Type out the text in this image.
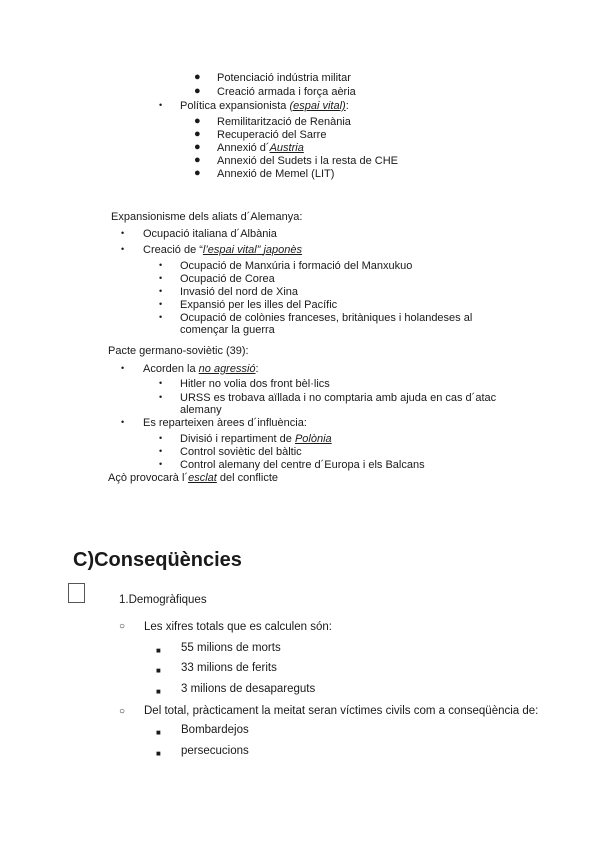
● Potenciació indústria militar
● Creació armada i força aèria
• Política expansionista (espai vital):
● Remilitarització de Renània
● Recuperació del Sarre
● Annexió d´Austria
● Annexió del Sudets i la resta de CHE
● Annexió de Memel (LIT)
Expansionisme dels aliats d´Alemanya:
• Ocupació italiana d´Albània
• Creació de “l’espai vital” japonès
• Ocupació de Manxúria i formació del Manxukuo
• Ocupació de Corea
• Invasió del nord de Xina
• Expansió per les illes del Pacífic
• Ocupació de colònies franceses, britàniques i holandeses al
començar la guerra
Pacte germano-soviètic (39):
• Acorden la no agressió:
• Hitler no volia dos front bèl·lics
• URSS es trobava aïllada i no comptaria amb ajuda en cas d´atac
alemany
• Es reparteixen àrees d´influència:
• Divisió i repartiment de Polònia
• Control soviètic del bàltic
• Control alemany del centre d´Europa i els Balcans
Açò provocarà l´esclat del conflicte
C)Conseqüències
1.Demogràfiques
○ Les xifres totals que es calculen són:
■ 55 milions de morts
■ 33 milions de ferits
■ 3 milions de desapareguts
○ Del total, pràcticament la meitat seran víctimes civils com a conseqüència de:
■ Bombardejos
■ persecucions
